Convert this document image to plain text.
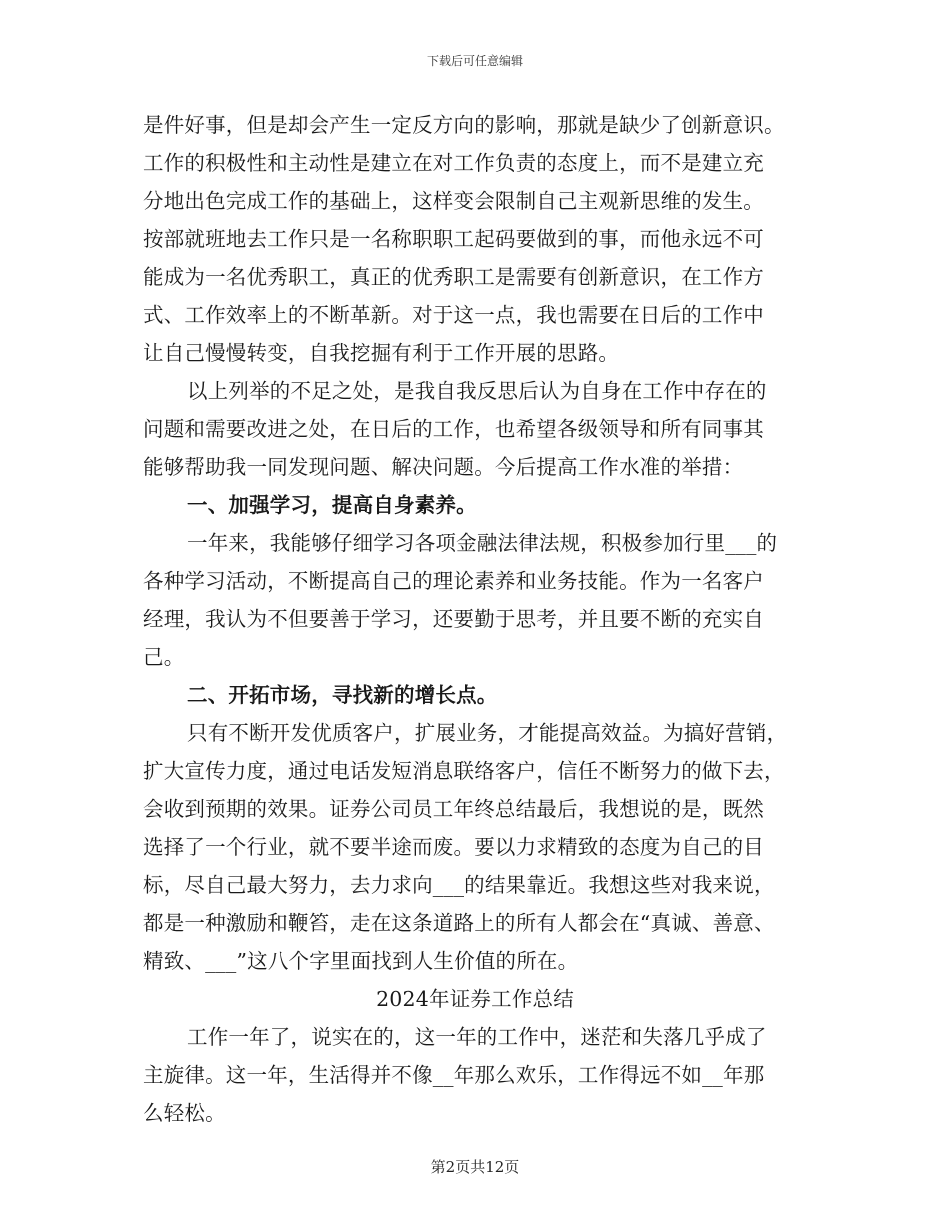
下载后可任意编辑
是件好事，但是却会产生一定反方向的影响，那就是缺少了创新意识。
工作的积极性和主动性是建立在对工作负责的态度上，而不是建立充
分地出色完成工作的基础上，这样变会限制自己主观新思维的发生。
按部就班地去工作只是一名称职职工起码要做到的事，而他永远不可
能成为一名优秀职工，真正的优秀职工是需要有创新意识，在工作方
式、工作效率上的不断革新。对于这一点，我也需要在日后的工作中
让自己慢慢转变，自我挖掘有利于工作开展的思路。
以上列举的不足之处，是我自我反思后认为自身在工作中存在的
问题和需要改进之处，在日后的工作，也希望各级领导和所有同事其
能够帮助我一同发现问题、解决问题。今后提高工作水准的举措：
一、加强学习，提高自身素养。
一年来，我能够仔细学习各项金融法律法规，积极参加行里___的
各种学习活动，不断提高自己的理论素养和业务技能。作为一名客户
经理，我认为不但要善于学习，还要勤于思考，并且要不断的充实自
己。
二、开拓市场，寻找新的增长点。
只有不断开发优质客户，扩展业务，才能提高效益。为搞好营销，
扩大宣传力度，通过电话发短消息联络客户，信任不断努力的做下去，
会收到预期的效果。证券公司员工年终总结最后，我想说的是，既然
选择了一个行业，就不要半途而废。要以力求精致的态度为自己的目
标，尽自己最大努力，去力求向___的结果靠近。我想这些对我来说，
都是一种激励和鞭笞，走在这条道路上的所有人都会在“真诚、善意、
精致、___”这八个字里面找到人生价值的所在。
2024年证券工作总结
工作一年了，说实在的，这一年的工作中，迷茫和失落几乎成了
主旋律。这一年，生活得并不像__年那么欢乐，工作得远不如__年那
么轻松。
第2页共12页
